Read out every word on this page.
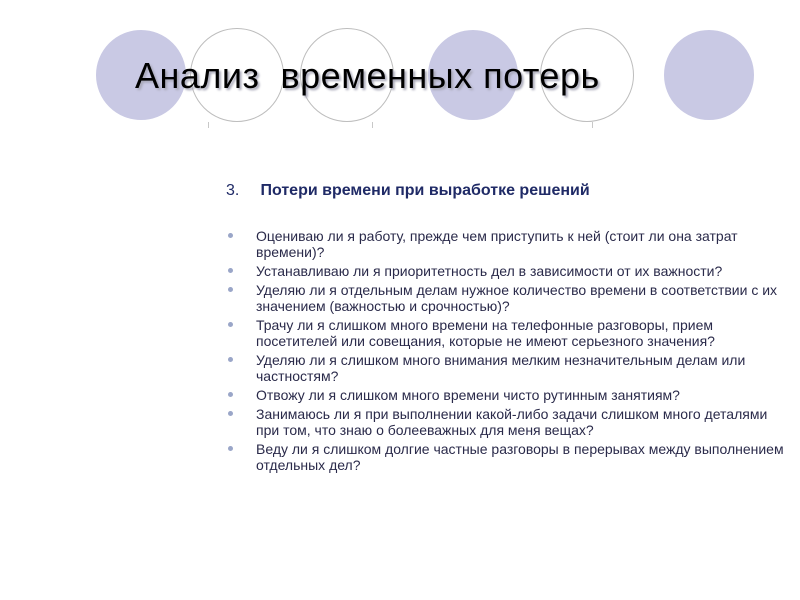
Анализ  временных потерь
3. Потери времени при выработке решений
Оцениваю ли я работу, прежде чем приступить к ней (стоит ли она затрат времени)?
Устанавливаю ли я приоритетность дел в зависимости от их важности?
Уделяю ли я отдельным делам нужное количество времени в соответствии с их значением (важностью и срочностью)?
Трачу ли я слишком много времени на телефонные разговоры, прием посетителей или совещания, которые не имеют серьезного значения?
Уделяю ли я слишком много внимания мелким незначительным делам или частностям?
Отвожу ли я слишком много времени чисто рутинным занятиям?
Занимаюсь ли я при выполнении какой-либо задачи слишком много деталями при том, что знаю о болееважных для меня вещах?
Веду ли я слишком долгие частные разговоры в перерывах между выполнением отдельных дел?
